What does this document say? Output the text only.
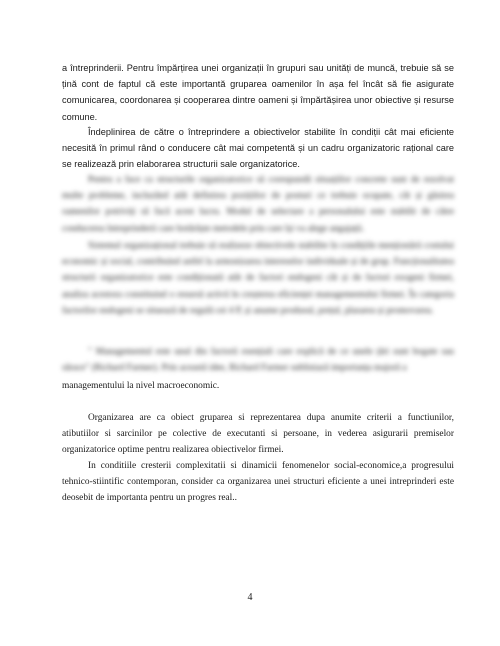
a întreprinderii. Pentru împărțirea unei organizații în grupuri sau unități de muncă, trebuie să se țină cont de faptul că este importantă gruparea oamenilor în așa fel încât să fie asigurate comunicarea, coordonarea și cooperarea dintre oameni și împărtășirea unor obiective și resurse comune.

Îndeplinirea de către o întreprindere a obiectivelor stabilite în condiții cât mai eficiente necesită în primul rând o conducere cât mai competentă și un cadru organizatoric rațional care se realizează prin elaborarea structurii sale organizatorice.

Pentru a face ca structurile organizatorice să corespundă situațiilor concrete sunt de rezolvat multe probleme, incluzând atât definirea pozițiilor de posturi ce trebuie ocupate, cât și găsirea oamenilor potriviți să facă acest lucru. Modul de selectare a personalului este stabilit de către conducerea întreprinderii care hotărăște metodele prin care își va alege angajații.

Sistemul organizațional trebuie să realizeze obiectivele stabilite în condițiile menționării costului economic și social, contribuind astfel la armonizarea intereselor individuale și de grup. Funcționalitatea structurii organizatorice este condiționată atât de factori endogeni cât și de factori exogeni firmei, analiza acestora constituind o resursă activă în creșterea eficienței managementului firmei. În categoria factorilor endogeni se situează de regulă cei 4 P, și anume produsul, prețul, plasarea și promovarea.

" Managementul este unul din factorii esențiali care explică de ce unele țări sunt bogate sau sărace" (Richard Farmer). Prin această idee, Richard Farmer subliniază importanța majoră a

managementului la nivel macroeconomic.

Organizarea are ca obiect gruparea si reprezentarea dupa anumite criterii a functiunilor, atibutiilor si sarcinilor pe colective de executanti si persoane, in vederea asigurarii premiselor organizatorice optime pentru realizarea obiectivelor firmei.

In conditiile cresterii complexitatii si dinamicii fenomenelor social-economice,a progresului tehnico-stiintific contemporan, consider ca organizarea unei structuri eficiente a unei intreprinderi este deosebit de importanta pentru un progres real..

4
